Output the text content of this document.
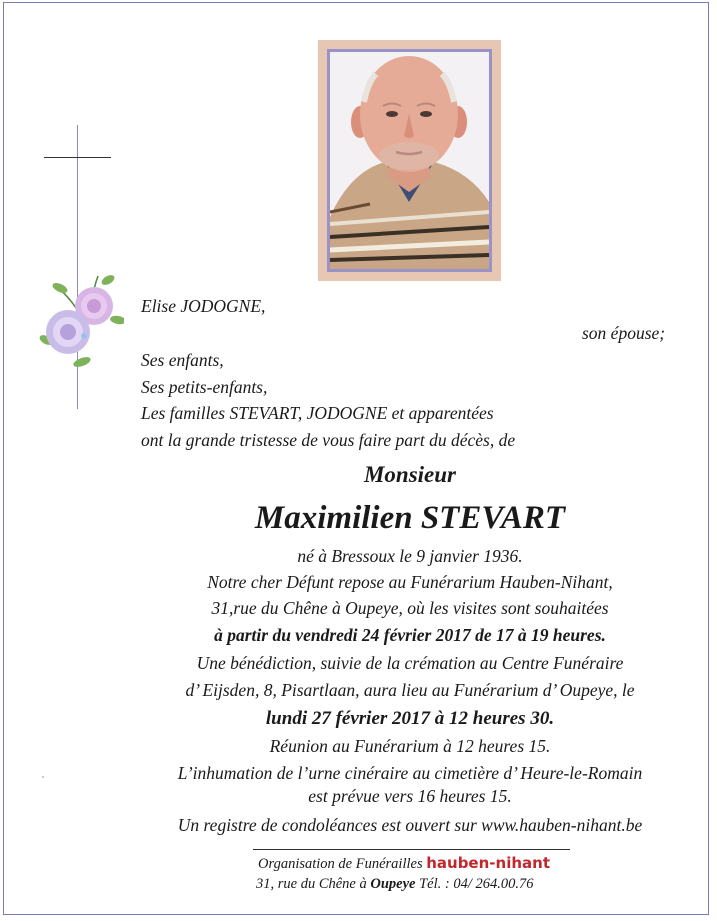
Elise JODOGNE,
son épouse;
Ses enfants,
Ses petits-enfants,
Les familles STEVART, JODOGNE et apparentées
ont la grande tristesse de vous faire part du décès, de
Monsieur
Maximilien STEVART
né à Bressoux le 9 janvier 1936.
Notre cher Défunt repose au Funérarium Hauben-Nihant,
31,rue du Chêne à Oupeye, où les visites sont souhaitées
à partir du vendredi 24 février 2017 de 17 à 19 heures.
Une bénédiction, suivie de la crémation au Centre Funéraire
d’ Eijsden, 8, Pisartlaan, aura lieu au Funérarium d’ Oupeye, le
lundi 27 février 2017 à 12 heures 30.
Réunion au Funérarium à 12 heures 15.
L’inhumation de l’urne cinéraire au cimetière d’ Heure-le-Romain
est prévue vers 16 heures 15.
Un registre de condoléances est ouvert sur www.hauben-nihant.be
Organisation de Funérailles hauben-nihant
31, rue du Chêne à Oupeye Tél. : 04/ 264.00.76
